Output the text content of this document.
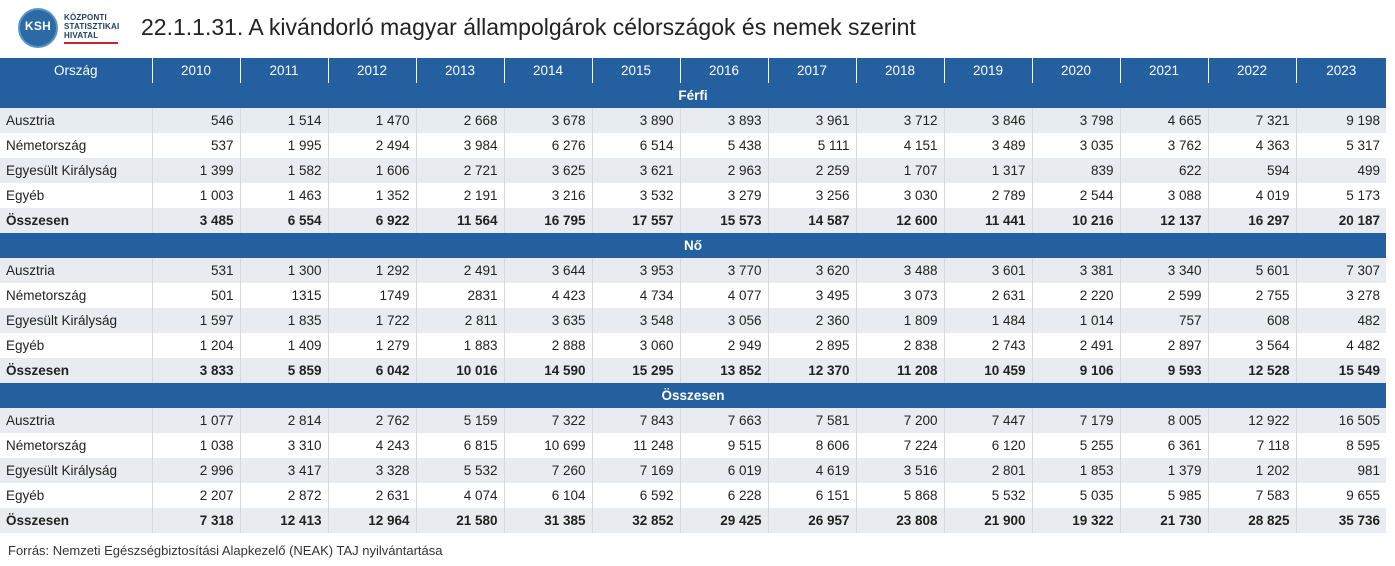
KSH
KÖZPONTI
STATISZTIKAI
HIVATAL	22.1.1.31. A kivándorló magyar állampolgárok célországok és nemek szerint
Ország	2010	2011	2012	2013	2014	2015	2016	2017	2018	2019	2020	2021	2022	2023
Férfi														
Ausztria	546	1 514	1 470	2 668	3 678	3 890	3 893	3 961	3 712	3 846	3 798	4 665	7 321	9 198
Németország	537	1 995	2 494	3 984	6 276	6 514	5 438	5 111	4 151	3 489	3 035	3 762	4 363	5 317
Egyesült Királyság	1 399	1 582	1 606	2 721	3 625	3 621	2 963	2 259	1 707	1 317	839	622	594	499
Egyéb	1 003	1 463	1 352	2 191	3 216	3 532	3 279	3 256	3 030	2 789	2 544	3 088	4 019	5 173
Összesen	3 485	6 554	6 922	11 564	16 795	17 557	15 573	14 587	12 600	11 441	10 216	12 137	16 297	20 187
Nő														
Ausztria	531	1 300	1 292	2 491	3 644	3 953	3 770	3 620	3 488	3 601	3 381	3 340	5 601	7 307
Németország	501	1315	1749	2831	4 423	4 734	4 077	3 495	3 073	2 631	2 220	2 599	2 755	3 278
Egyesült Királyság	1 597	1 835	1 722	2 811	3 635	3 548	3 056	2 360	1 809	1 484	1 014	757	608	482
Egyéb	1 204	1 409	1 279	1 883	2 888	3 060	2 949	2 895	2 838	2 743	2 491	2 897	3 564	4 482
Összesen	3 833	5 859	6 042	10 016	14 590	15 295	13 852	12 370	11 208	10 459	9 106	9 593	12 528	15 549
Összesen														
Ausztria	1 077	2 814	2 762	5 159	7 322	7 843	7 663	7 581	7 200	7 447	7 179	8 005	12 922	16 505
Németország	1 038	3 310	4 243	6 815	10 699	11 248	9 515	8 606	7 224	6 120	5 255	6 361	7 118	8 595
Egyesült Királyság	2 996	3 417	3 328	5 532	7 260	7 169	6 019	4 619	3 516	2 801	1 853	1 379	1 202	981
Egyéb	2 207	2 872	2 631	4 074	6 104	6 592	6 228	6 151	5 868	5 532	5 035	5 985	7 583	9 655
Összesen	7 318	12 413	12 964	21 580	31 385	32 852	29 425	26 957	23 808	21 900	19 322	21 730	28 825	35 736
Forrás: Nemzeti Egészségbiztosítási Alapkezelő (NEAK) TAJ nyilvántartása
